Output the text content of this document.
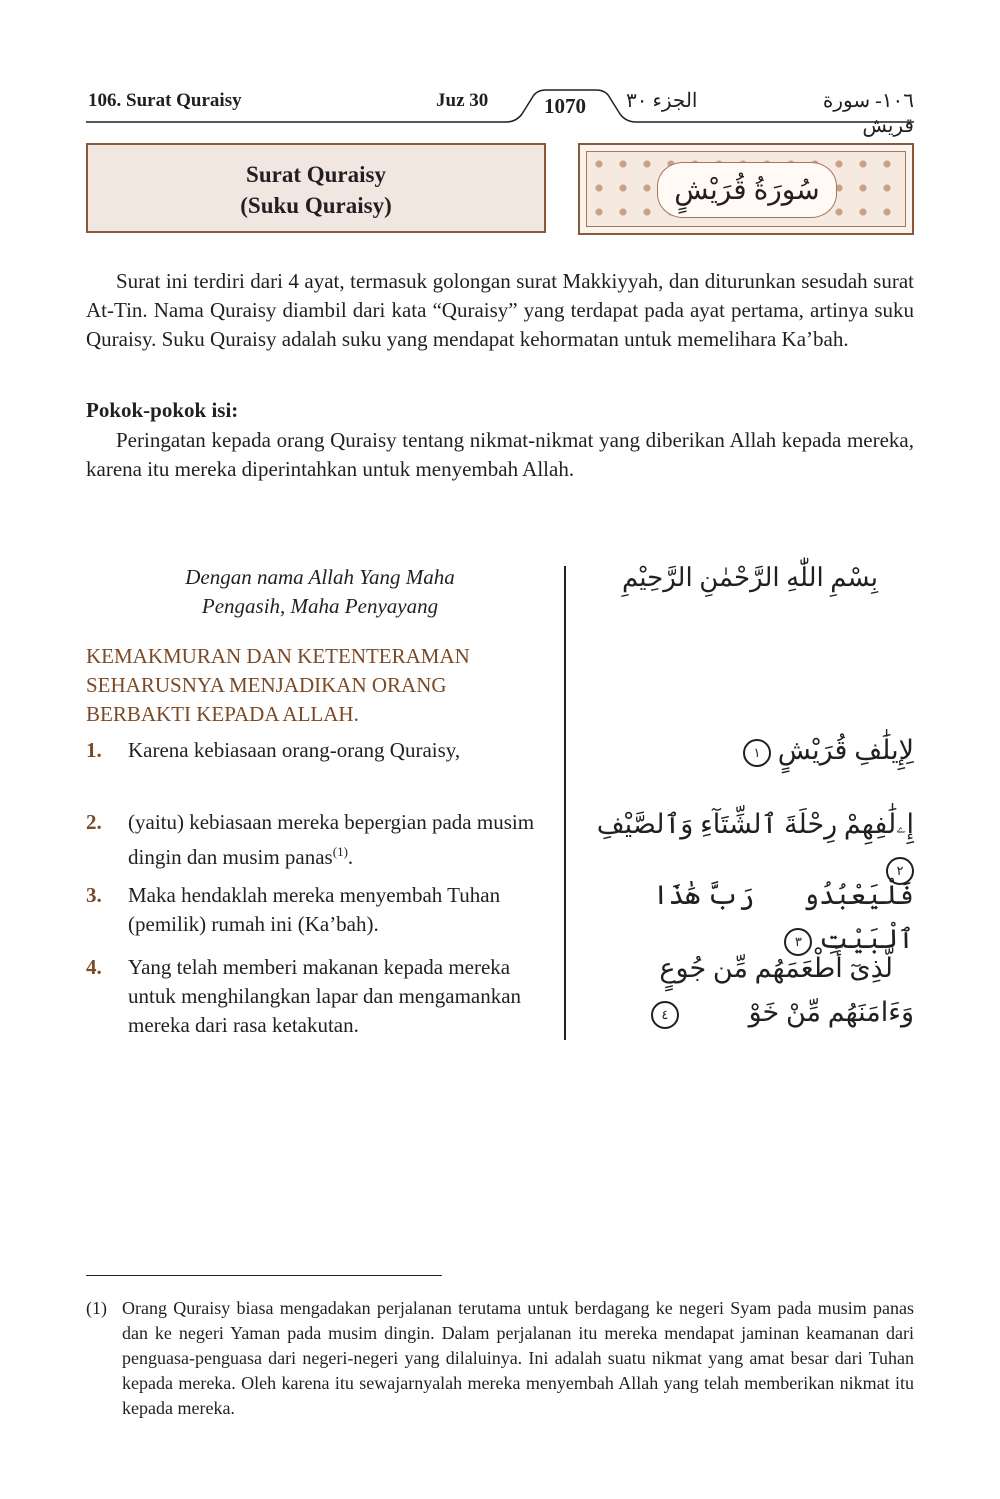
106. Surat Quraisy	Juz 30	1070	الجزء ٣٠	١٠٦- سورة قريش
Surat Quraisy
(Suku Quraisy)	سُورَةُ قُرَيْشٍ
Surat ini terdiri dari 4 ayat, termasuk golongan surat Makkiyyah, dan diturunkan sesudah surat At-Tin. Nama Quraisy diambil dari kata “Quraisy” yang terdapat pada ayat pertama, artinya suku Quraisy. Suku Quraisy adalah suku yang mendapat kehormatan untuk memelihara Ka’bah.
Pokok-pokok isi:
Peringatan kepada orang Quraisy tentang nikmat-nikmat yang diberikan Allah kepada mereka, karena itu mereka diperintahkan untuk menyembah Allah.
Dengan nama Allah Yang Maha
Pengasih, Maha Penyayang
بِسْمِ اللّٰهِ الرَّحْمٰنِ الرَّحِيْمِ
KEMAKMURAN DAN KETENTERAMAN SEHARUSNYA MENJADIKAN ORANG BERBAKTI KEPADA ALLAH.
1. Karena kebiasaan orang-orang Quraisy,
2. (yaitu) kebiasaan mereka bepergian pada musim dingin dan musim panas$^{(1)}$.
3. Maka hendaklah mereka menyembah Tuhan (pemilik) rumah ini (Ka’bah).
4. Yang telah memberi makanan kepada mereka untuk menghilangkan lapar dan mengamankan mereka dari rasa ketakutan.
لِإِيلَٰفِ قُرَيْشٍ ١
إِۦلَٰفِهِمْ رِحْلَةَ ٱلشِّتَآءِ وَٱلصَّيْفِ ٢
فَلْيَعْبُدُوا۟ رَبَّ هَٰذَا ٱلْبَيْتِ ٣
ٱلَّذِىٓ أَطْعَمَهُم مِّن جُوعٍ وَءَامَنَهُم مِّنْ خَوْفٍۭ ٤
(1) Orang Quraisy biasa mengadakan perjalanan terutama untuk berdagang ke negeri Syam pada musim panas dan ke negeri Yaman pada musim dingin. Dalam perjalanan itu mereka mendapat jaminan keamanan dari penguasa-penguasa dari negeri-negeri yang dilaluinya. Ini adalah suatu nikmat yang amat besar dari Tuhan kepada mereka. Oleh karena itu sewajarnyalah mereka menyembah Allah yang telah memberikan nikmat itu kepada mereka.
